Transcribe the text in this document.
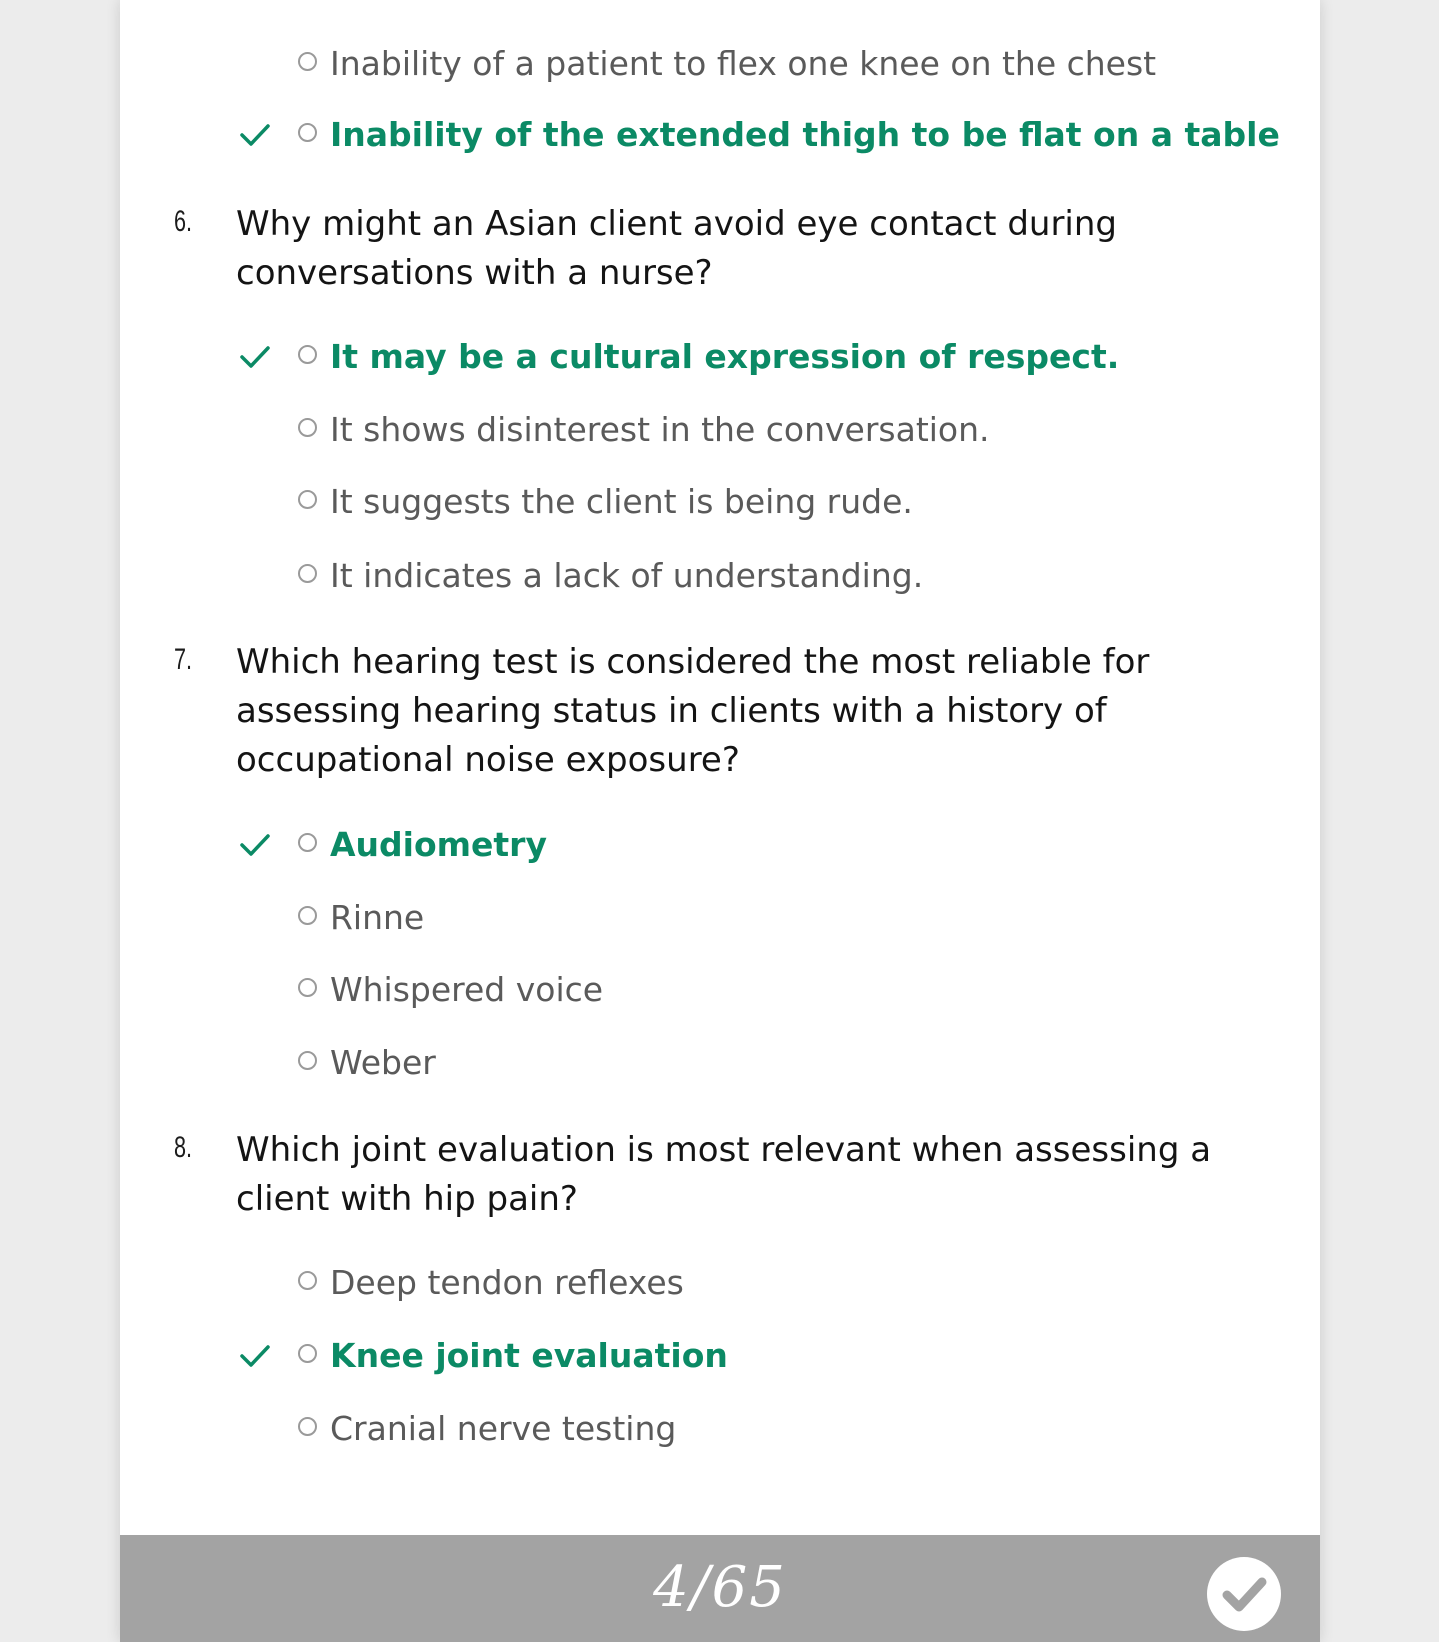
Inability of a patient to flex one knee on the chest
Inability of the extended thigh to be flat on a table
6. Why might an Asian client avoid eye contact during conversations with a nurse?
It may be a cultural expression of respect.
It shows disinterest in the conversation.
It suggests the client is being rude.
It indicates a lack of understanding.
7. Which hearing test is considered the most reliable for assessing hearing status in clients with a history of occupational noise exposure?
Audiometry
Rinne
Whispered voice
Weber
8. Which joint evaluation is most relevant when assessing a client with hip pain?
Deep tendon reflexes
Knee joint evaluation
Cranial nerve testing
4/65
